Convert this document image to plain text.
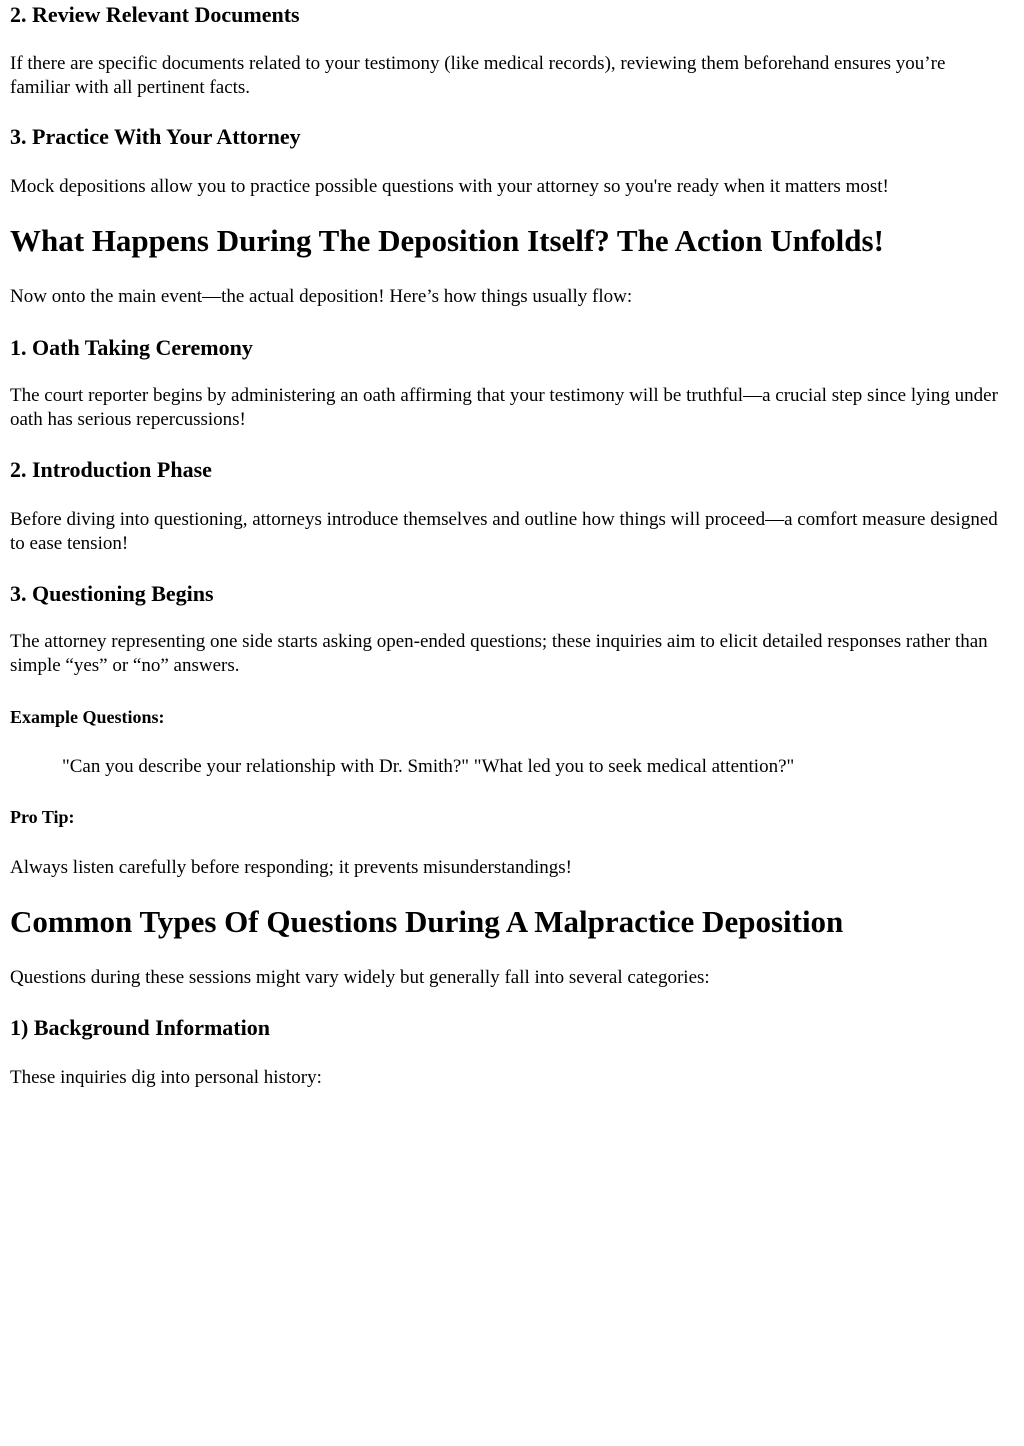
2. Review Relevant Documents

If there are specific documents related to your testimony (like medical records), reviewing them beforehand ensures you’re familiar with all pertinent facts.

3. Practice With Your Attorney

Mock depositions allow you to practice possible questions with your attorney so you're ready when it matters most!

What Happens During The Deposition Itself? The Action Unfolds!

Now onto the main event—the actual deposition! Here’s how things usually flow:

1. Oath Taking Ceremony

The court reporter begins by administering an oath affirming that your testimony will be truthful—a crucial step since lying under oath has serious repercussions!

2. Introduction Phase

Before diving into questioning, attorneys introduce themselves and outline how things will proceed—a comfort measure designed to ease tension!

3. Questioning Begins

The attorney representing one side starts asking open-ended questions; these inquiries aim to elicit detailed responses rather than simple “yes” or “no” answers.

Example Questions:
"Can you describe your relationship with Dr. Smith?" "What led you to seek medical attention?"
Pro Tip:

Always listen carefully before responding; it prevents misunderstandings!

Common Types Of Questions During A Malpractice Deposition

Questions during these sessions might vary widely but generally fall into several categories:

1) Background Information

These inquiries dig into personal history:
